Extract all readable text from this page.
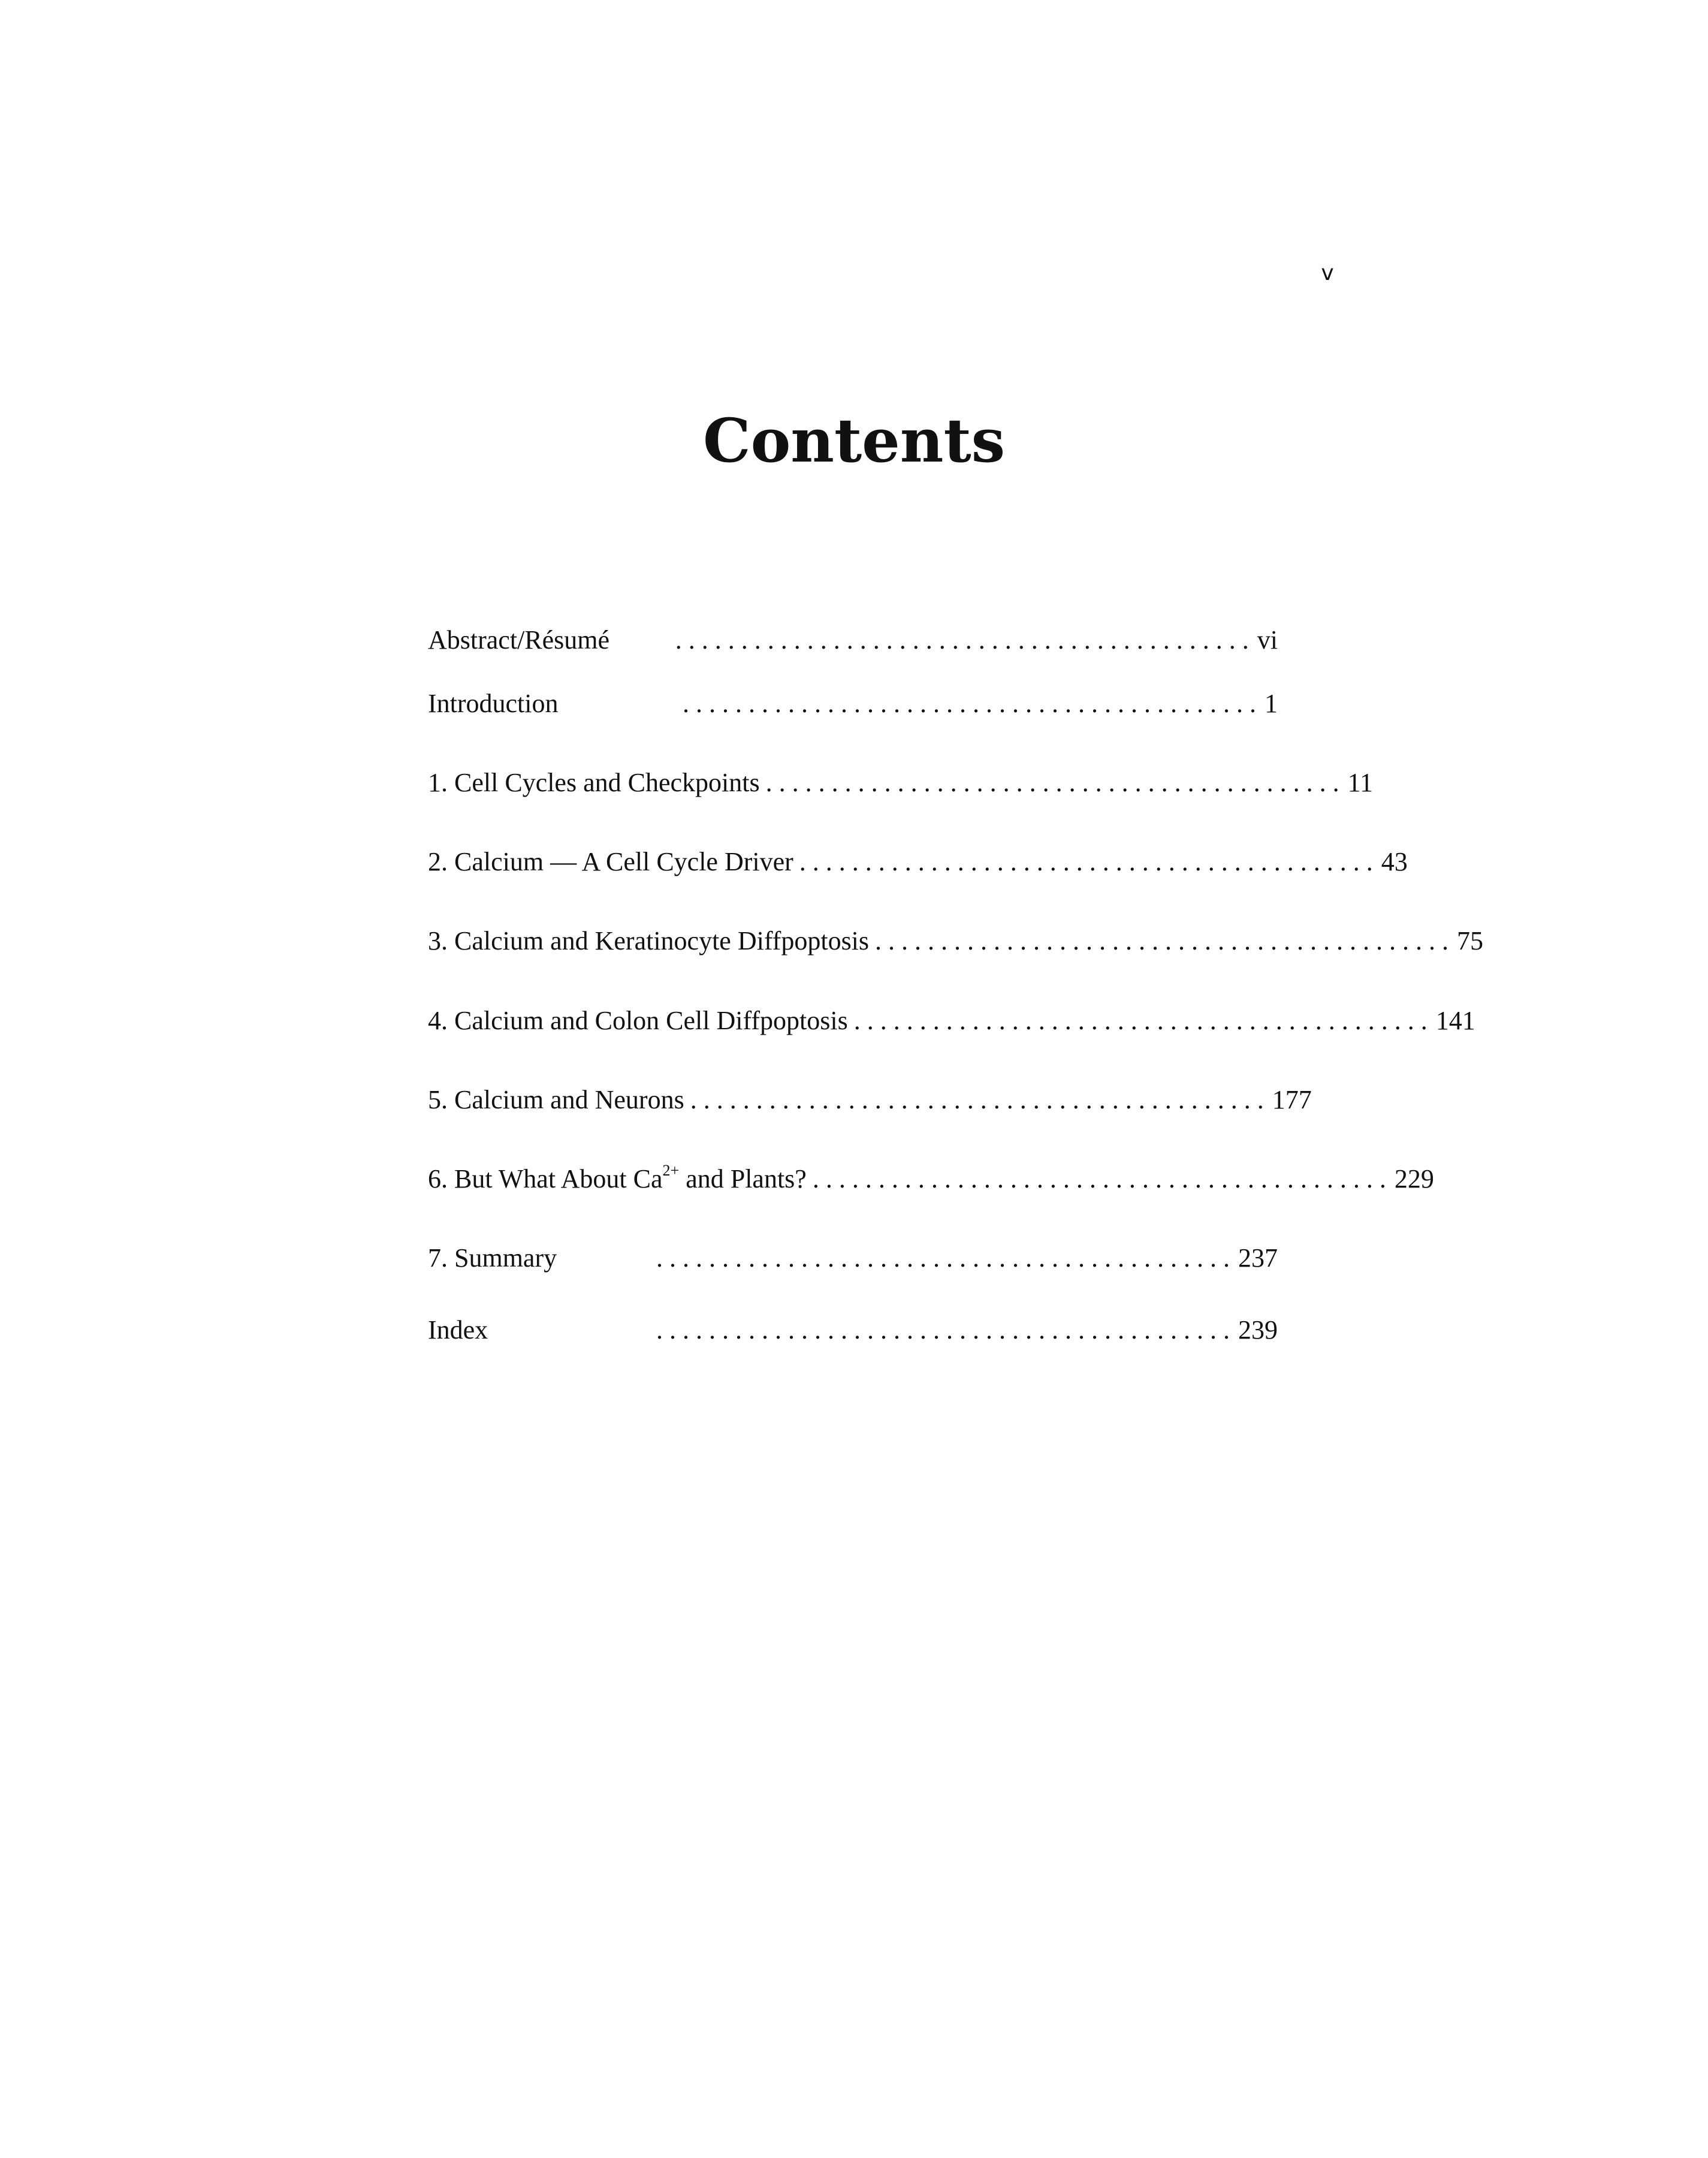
v
Contents
Abstract/Résumé	. . . . . . . . . . . . . . . . . . . . . . . . . . . . . . . . . . . . . . . . . . . . vi
Introduction	. . . . . . . . . . . . . . . . . . . . . . . . . . . . . . . . . . . . . . . . . . . . 1
1. Cell Cycles and Checkpoints . . . . . . . . . . . . . . . . . . . . . . . . . . . . . . . . . . . . . . . . . . . . 11
2. Calcium — A Cell Cycle Driver . . . . . . . . . . . . . . . . . . . . . . . . . . . . . . . . . . . . . . . . . . . . 43
3. Calcium and Keratinocyte Diffpoptosis . . . . . . . . . . . . . . . . . . . . . . . . . . . . . . . . . . . . . . . . . . . . 75
4. Calcium and Colon Cell Diffpoptosis . . . . . . . . . . . . . . . . . . . . . . . . . . . . . . . . . . . . . . . . . . . . 141
5. Calcium and Neurons . . . . . . . . . . . . . . . . . . . . . . . . . . . . . . . . . . . . . . . . . . . . 177
6. But What About $Ca^{2+}$ and Plants? . . . . . . . . . . . . . . . . . . . . . . . . . . . . . . . . . . . . . . . . . . . . 229
7. Summary	. . . . . . . . . . . . . . . . . . . . . . . . . . . . . . . . . . . . . . . . . . . . 237
Index	. . . . . . . . . . . . . . . . . . . . . . . . . . . . . . . . . . . . . . . . . . . . 239
